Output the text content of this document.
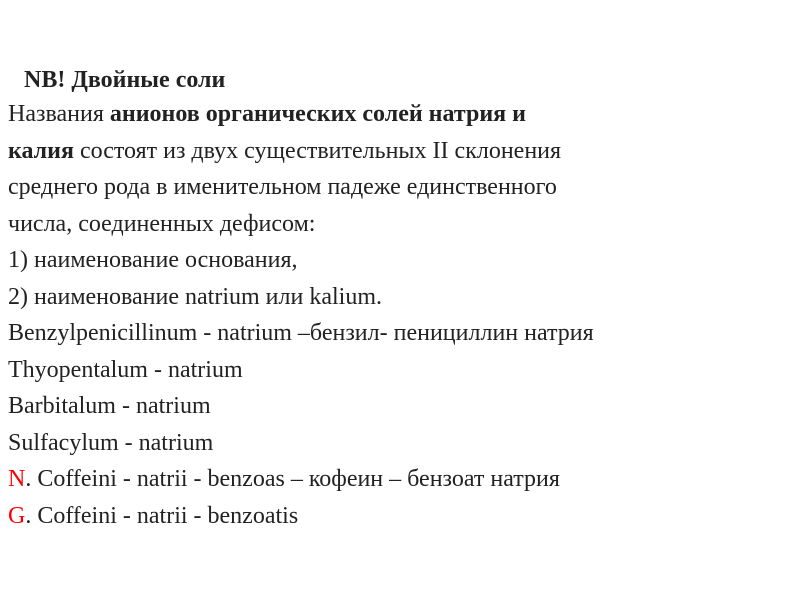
NB! Двойные соли
Названия анионов органических солей натрия и
калия состоят из двух существительных II склонения
среднего рода в именительном падеже единственного
числа, соединенных дефисом:
1) наименование основания,
2) наименование natrium или kalium.
Benzylpenicillinum - natrium –бензил- пенициллин натрия
Thyopentalum - natrium
Barbitalum - natrium
Sulfacylum - natrium
N. Coffeini - natrii - benzoas – кофеин – бензоат натрия
G. Coffeini - natrii - benzoatis
